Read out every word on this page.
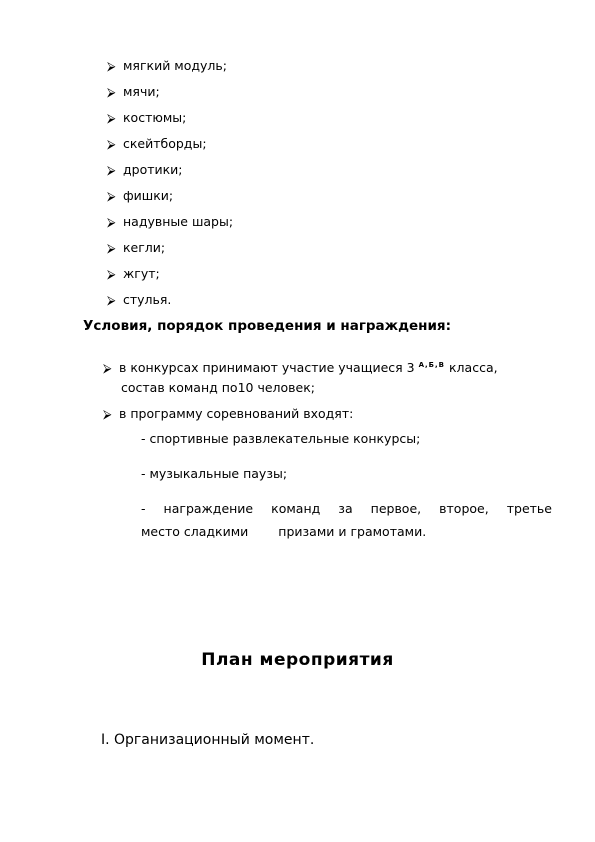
⮚ мягкий модуль;
⮚ мячи;
⮚ костюмы;
⮚ скейтборды;
⮚ дротики;
⮚ фишки;
⮚ надувные шары;
⮚ кегли;
⮚ жгут;
⮚ стулья.
Условия, порядок проведения и награждения:
⮚ в конкурсах принимают участие учащиеся 3 $^{А,Б,В}$ класса,
состав команд по10 человек;
⮚ в программу соревнований входят:
- спортивные развлекательные конкурсы;
- музыкальные паузы;
- награждение команд за первое, второе, третье
место сладкими призами и грамотами.
План мероприятия
I. Организационный момент.
